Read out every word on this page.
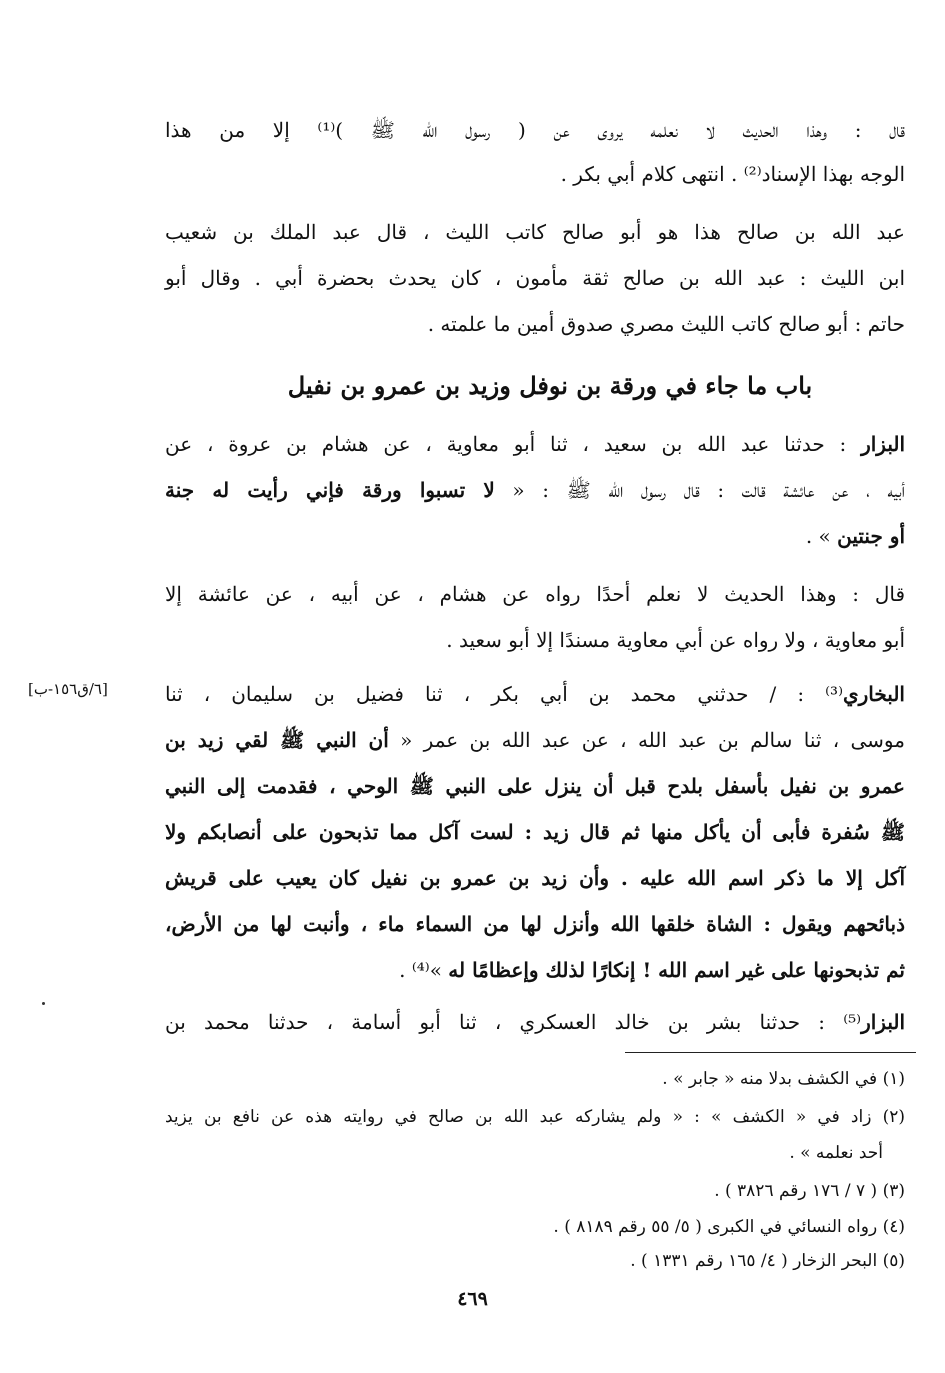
قال : وهذا الحديث لا نعلمه يروى عن ( رسول الله ﷺ )⁽¹⁾ إلا من هذا
الوجه بهذا الإسناد⁽²⁾ . انتهى كلام أبي بكر .
عبد الله بن صالح هذا هو أبو صالح كاتب الليث ، قال عبد الملك بن شعيب
ابن الليث : عبد الله بن صالح ثقة مأمون ، كان يحدث بحضرة أبي . وقال أبو
حاتم : أبو صالح كاتب الليث مصري صدوق أمين ما علمته .
باب ما جاء في ورقة بن نوفل وزيد بن عمرو بن نفيل
البزار : حدثنا عبد الله بن سعيد ، ثنا أبو معاوية ، عن هشام بن عروة ، عن
أبيه ، عن عائشة قالت : قال رسول الله ﷺ : « لا تسبوا ورقة فإني رأيت له جنة
أو جنتين » .
قال : وهذا الحديث لا نعلم أحدًا رواه عن هشام ، عن أبيه ، عن عائشة إلا
أبو معاوية ، ولا رواه عن أبي معاوية مسندًا إلا أبو سعيد .
[٦/ق١٥٦-ب]	البخاري⁽³⁾ : / حدثني محمد بن أبي بكر ، ثنا فضيل بن سليمان ، ثنا
موسى ، ثنا سالم بن عبد الله ، عن عبد الله بن عمر « أن النبي ﷺ لقي زيد بن
عمرو بن نفيل بأسفل بلدح قبل أن ينزل على النبي ﷺ الوحي ، فقدمت إلى النبي
ﷺ سُفرة فأبى أن يأكل منها ثم قال زيد : لست آكل مما تذبحون على أنصابكم ولا
آكل إلا ما ذكر اسم الله عليه . وأن زيد بن عمرو بن نفيل كان يعيب على قريش
ذبائحهم ويقول : الشاة خلقها الله وأنزل لها من السماء ماء ، وأنبت لها من الأرض،
ثم تذبحونها على غير اسم الله ! إنكارًا لذلك وإعظامًا له »⁽⁴⁾ .
البزار⁽⁵⁾ : حدثنا بشر بن خالد العسكري ، ثنا أبو أسامة ، حدثنا محمد بن
(١) في الكشف بدلا منه « جابر » .
(٢) زاد في « الكشف » : « ولم يشاركه عبد الله بن صالح في روايته هذه عن نافع بن يزيد
أحد نعلمه » .
(٣) ( ٧ / ١٧٦ رقم ٣٨٢٦ ) .
(٤) رواه النسائي في الكبرى ( ٥/ ٥٥ رقم ٨١٨٩ ) .
(٥) البحر الزخار ( ٤/ ١٦٥ رقم ١٣٣١ ) .
٤٦٩
